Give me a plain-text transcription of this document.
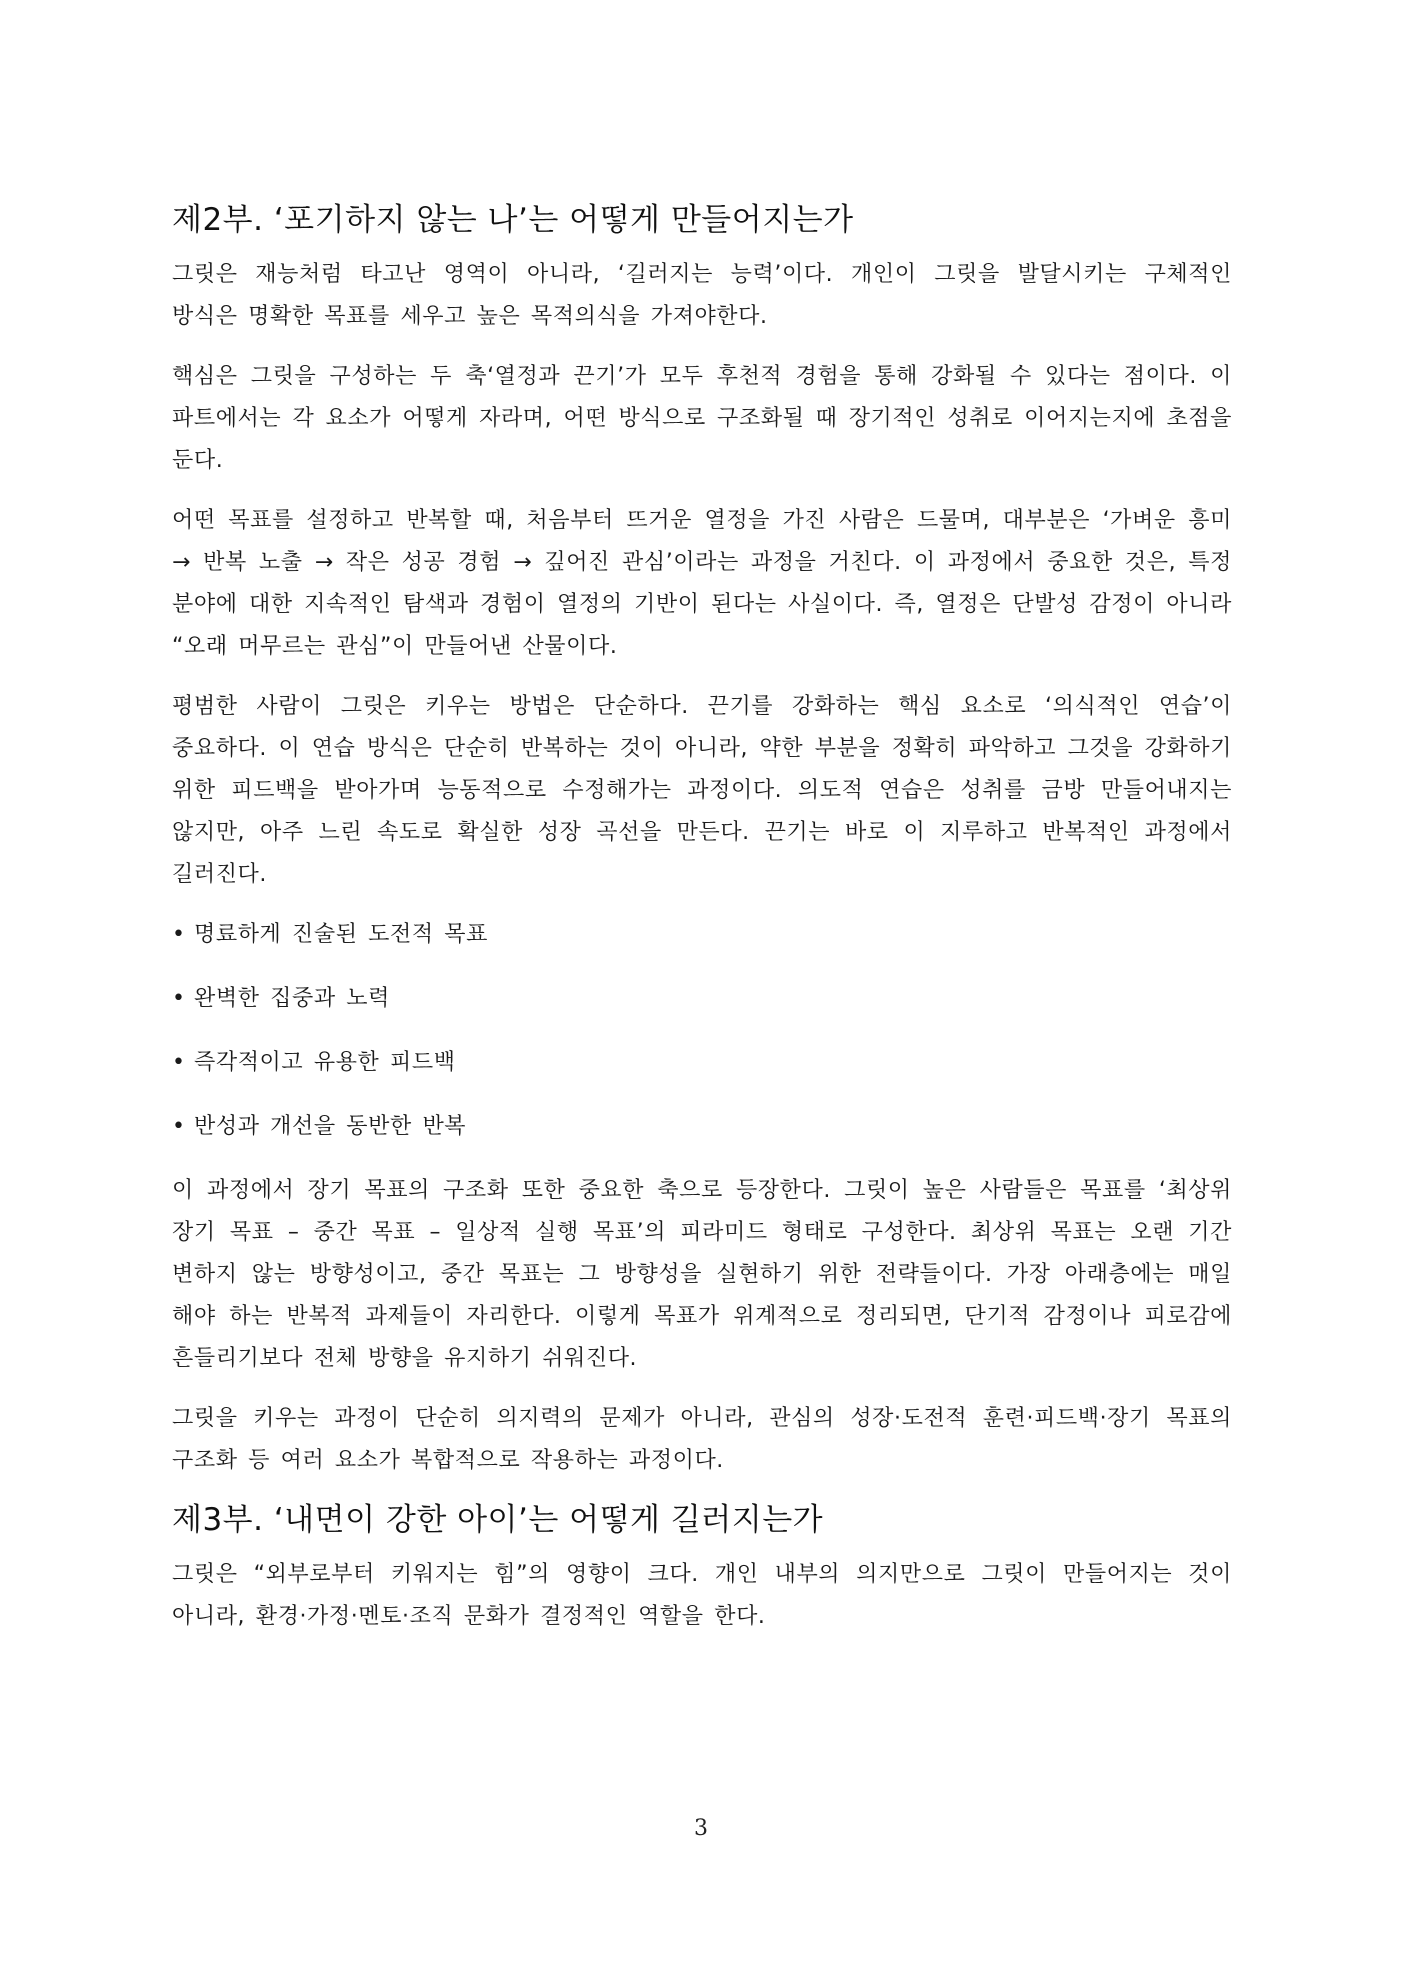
제2부. ‘포기하지 않는 나’는 어떻게 만들어지는가

그릿은 재능처럼 타고난 영역이 아니라, ‘길러지는 능력’이다. 개인이 그릿을 발달시키는 구체적인 방식은 명확한 목표를 세우고 높은 목적의식을 가져야한다.

핵심은 그릿을 구성하는 두 축‘열정과 끈기’가 모두 후천적 경험을 통해 강화될 수 있다는 점이다. 이 파트에서는 각 요소가 어떻게 자라며, 어떤 방식으로 구조화될 때 장기적인 성취로 이어지는지에 초점을 둔다.

어떤 목표를 설정하고 반복할 때, 처음부터 뜨거운 열정을 가진 사람은 드물며, 대부분은 ‘가벼운 흥미 → 반복 노출 → 작은 성공 경험 → 깊어진 관심’이라는 과정을 거친다. 이 과정에서 중요한 것은, 특정 분야에 대한 지속적인 탐색과 경험이 열정의 기반이 된다는 사실이다. 즉, 열정은 단발성 감정이 아니라 “오래 머무르는 관심”이 만들어낸 산물이다.

평범한 사람이 그릿은 키우는 방법은 단순하다. 끈기를 강화하는 핵심 요소로 ‘의식적인 연습’이 중요하다. 이 연습 방식은 단순히 반복하는 것이 아니라, 약한 부분을 정확히 파악하고 그것을 강화하기 위한 피드백을 받아가며 능동적으로 수정해가는 과정이다. 의도적 연습은 성취를 금방 만들어내지는 않지만, 아주 느린 속도로 확실한 성장 곡선을 만든다. 끈기는 바로 이 지루하고 반복적인 과정에서 길러진다.

• 명료하게 진술된 도전적 목표
• 완벽한 집중과 노력
• 즉각적이고 유용한 피드백
• 반성과 개선을 동반한 반복

이 과정에서 장기 목표의 구조화 또한 중요한 축으로 등장한다. 그릿이 높은 사람들은 목표를 ‘최상위 장기 목표 – 중간 목표 – 일상적 실행 목표’의 피라미드 형태로 구성한다. 최상위 목표는 오랜 기간 변하지 않는 방향성이고, 중간 목표는 그 방향성을 실현하기 위한 전략들이다. 가장 아래층에는 매일 해야 하는 반복적 과제들이 자리한다. 이렇게 목표가 위계적으로 정리되면, 단기적 감정이나 피로감에 흔들리기보다 전체 방향을 유지하기 쉬워진다.

그릿을 키우는 과정이 단순히 의지력의 문제가 아니라, 관심의 성장·도전적 훈련·피드백·장기 목표의 구조화 등 여러 요소가 복합적으로 작용하는 과정이다.

제3부. ‘내면이 강한 아이’는 어떻게 길러지는가

그릿은 “외부로부터 키워지는 힘”의 영향이 크다. 개인 내부의 의지만으로 그릿이 만들어지는 것이 아니라, 환경·가정·멘토·조직 문화가 결정적인 역할을 한다.

3
